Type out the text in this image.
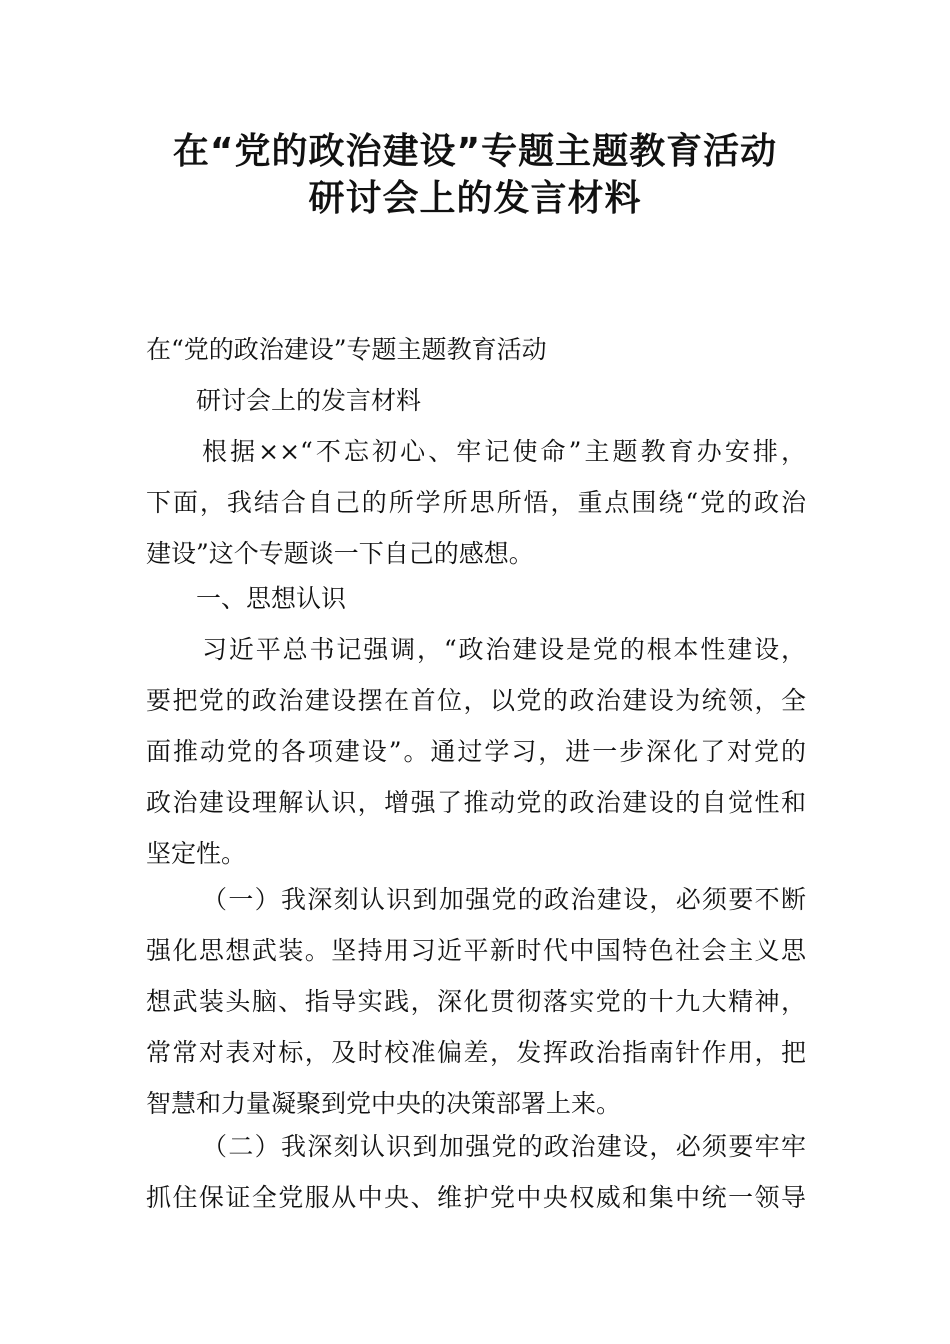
在“党的政治建设”专题主题教育活动
研讨会上的发言材料
在“党的政治建设”专题主题教育活动
研讨会上的发言材料
根据××“不忘初心、牢记使命”主题教育办安排，
下面，我结合自己的所学所思所悟，重点围绕“党的政治
建设”这个专题谈一下自己的感想。
一、思想认识
习近平总书记强调，“政治建设是党的根本性建设，
要把党的政治建设摆在首位，以党的政治建设为统领，全
面推动党的各项建设”。通过学习，进一步深化了对党的
政治建设理解认识，增强了推动党的政治建设的自觉性和
坚定性。
（一）我深刻认识到加强党的政治建设，必须要不断
强化思想武装。坚持用习近平新时代中国特色社会主义思
想武装头脑、指导实践，深化贯彻落实党的十九大精神，
常常对表对标，及时校准偏差，发挥政治指南针作用，把
智慧和力量凝聚到党中央的决策部署上来。
（二）我深刻认识到加强党的政治建设，必须要牢牢
抓住保证全党服从中央、维护党中央权威和集中统一领导
